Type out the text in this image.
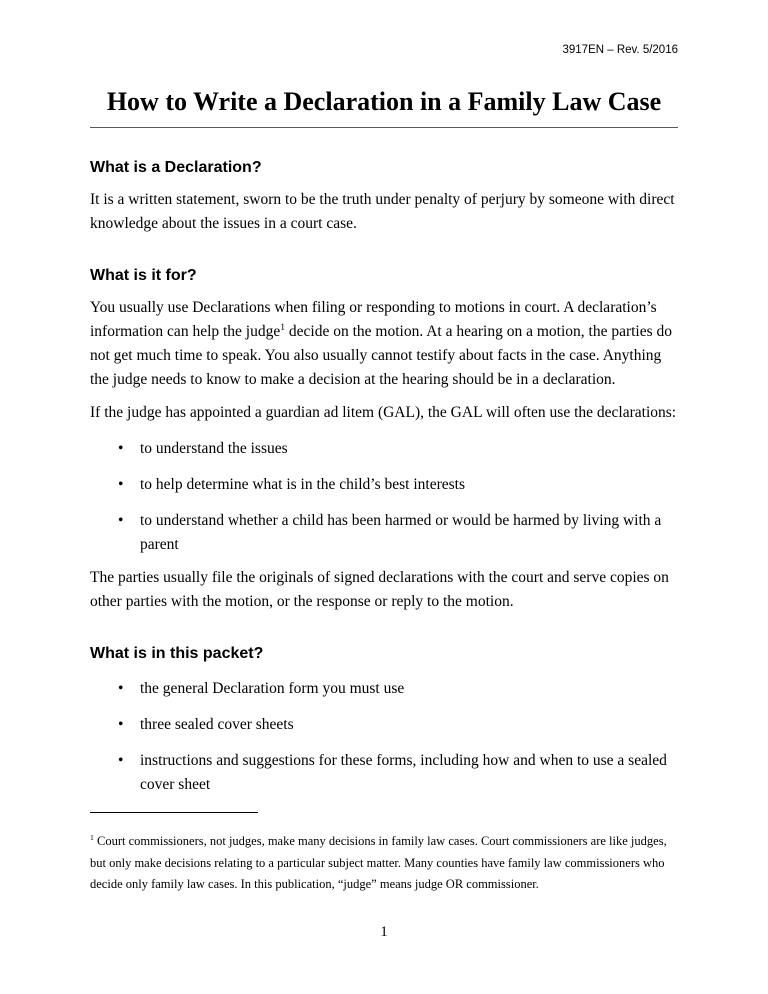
3917EN – Rev. 5/2016
How to Write a Declaration in a Family Law Case
What is a Declaration?

It is a written statement, sworn to be the truth under penalty of perjury by someone with direct knowledge about the issues in a court case.

What is it for?

You usually use Declarations when filing or responding to motions in court. A declaration’s information can help the judge$^1$ decide on the motion. At a hearing on a motion, the parties do not get much time to speak. You also usually cannot testify about facts in the case. Anything the judge needs to know to make a decision at the hearing should be in a declaration.

If the judge has appointed a guardian ad litem (GAL), the GAL will often use the declarations:

• to understand the issues
• to help determine what is in the child’s best interests
• to understand whether a child has been harmed or would be harmed by living with a parent

The parties usually file the originals of signed declarations with the court and serve copies on other parties with the motion, or the response or reply to the motion.

What is in this packet?
• the general Declaration form you must use
• three sealed cover sheets
• instructions and suggestions for these forms, including how and when to use a sealed cover sheet
$^1$ Court commissioners, not judges, make many decisions in family law cases. Court commissioners are like judges, but only make decisions relating to a particular subject matter. Many counties have family law commissioners who decide only family law cases. In this publication, “judge” means judge OR commissioner.
1
